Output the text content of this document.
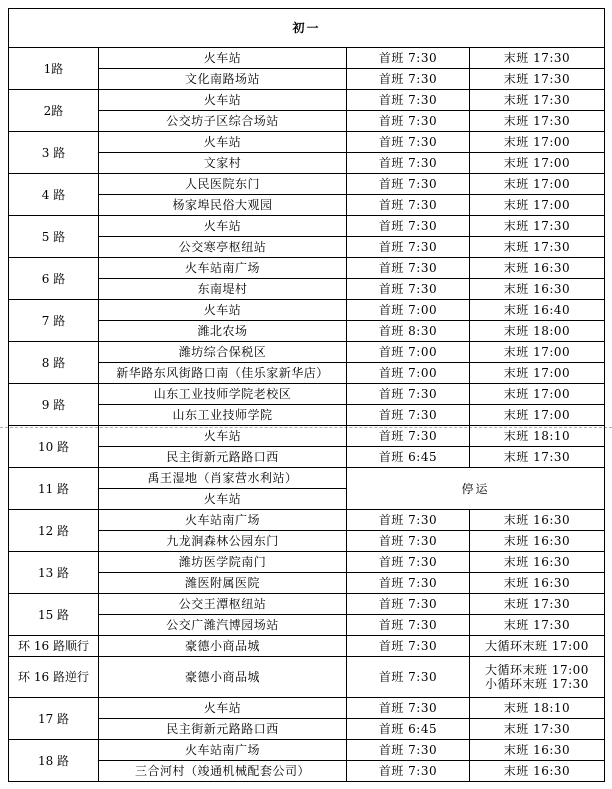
初一			
1路	火车站	首班 7:30	末班 17:30

	文化南路场站	首班 7:30	末班 17:30

2路	火车站	首班 7:30	末班 17:30

	公交坊子区综合场站	首班 7:30	末班 17:30

3 路	火车站	首班 7:30	末班 17:00

	文家村	首班 7:30	末班 17:00

4 路	人民医院东门	首班 7:30	末班 17:00

	杨家埠民俗大观园	首班 7:30	末班 17:00

5 路	火车站	首班 7:30	末班 17:30

	公交寒亭枢纽站	首班 7:30	末班 17:30

6 路	火车站南广场	首班 7:30	末班 16:30

	东南堤村	首班 7:30	末班 16:30

7 路	火车站	首班 7:00	末班 16:40

	潍北农场	首班 8:30	末班 18:00

8 路	潍坊综合保税区	首班 7:00	末班 17:00

	新华路东风街路口南（佳乐家新华店）	首班 7:00	末班 17:00

9 路	山东工业技师学院老校区	首班 7:30	末班 17:00

	山东工业技师学院	首班 7:30	末班 17:00

10 路	火车站	首班 7:30	末班 18:10

	民主街新元路路口西	首班 6:45	末班 17:30

11 路	禹王湿地（肖家营水利站）	停运	
	火车站		
12 路	火车站南广场	首班 7:30	末班 16:30

	九龙涧森林公园东门	首班 7:30	末班 16:30

13 路	潍坊医学院南门	首班 7:30	末班 16:30

	潍医附属医院	首班 7:30	末班 16:30

15 路	公交王潭枢纽站	首班 7:30	末班 17:30

	公交广潍汽博园场站	首班 7:30	末班 17:30

环 16 路顺行	豪德小商品城	首班 7:30	大循环末班 17:00

环 16 路逆行	豪德小商品城	首班 7:30	大循环末班 17:00
小循环末班 17:30

17 路	火车站	首班 7:30	末班 18:10

	民主街新元路路口西	首班 6:45	末班 17:30

18 路	火车站南广场	首班 7:30	末班 16:30

	三合河村（竣通机械配套公司）	首班 7:30	末班 16:30
